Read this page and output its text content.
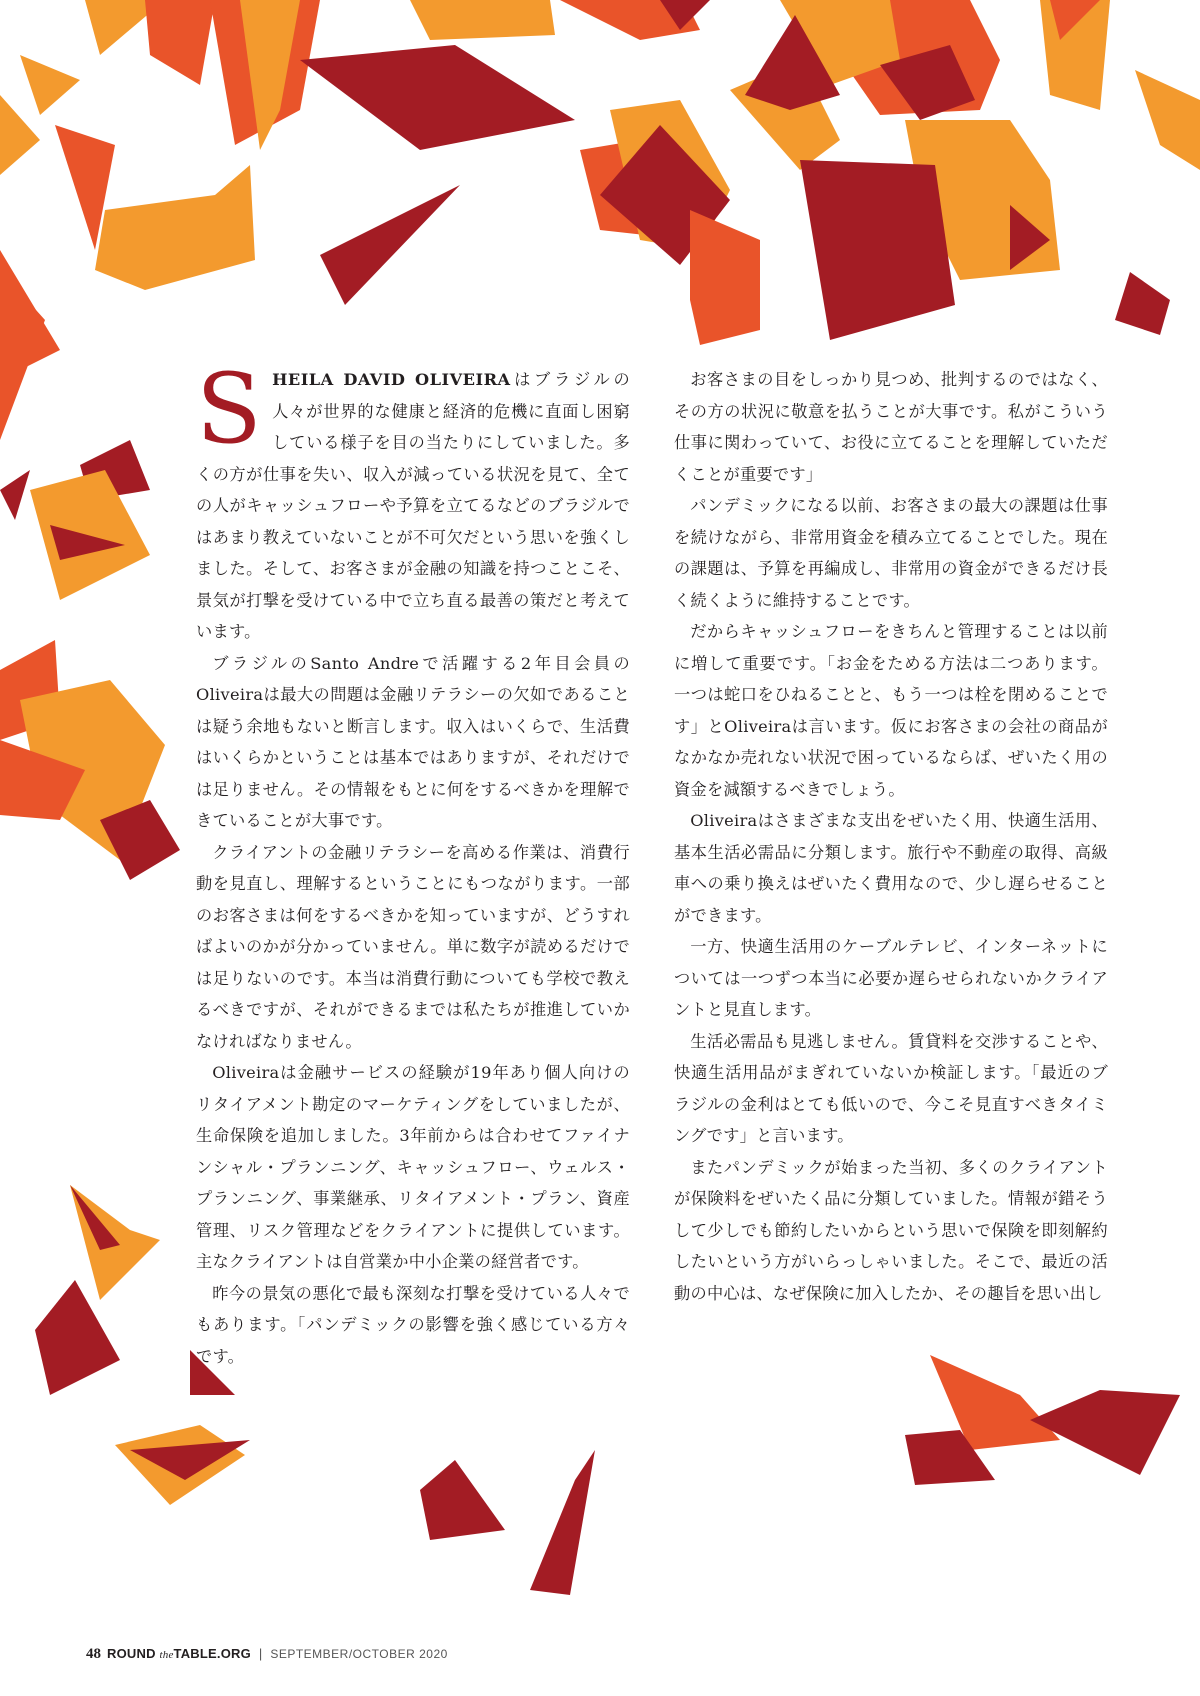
SHEILA DAVID OLIVEIRAはブラジルの人々が世界的な健康と経済的危機に直面し困窮している様子を目の当たりにしていました。多くの方が仕事を失い、収入が減っている状況を見て、全ての人がキャッシュフローや予算を立てるなどのブラジルではあまり教えていないことが不可欠だという思いを強くしました。そして、お客さまが金融の知識を持つことこそ、景気が打撃を受けている中で立ち直る最善の策だと考えています。

ブラジルのSanto Andreで活躍する2年目会員のOliveiraは最大の問題は金融リテラシーの欠如であることは疑う余地もないと断言します。収入はいくらで、生活費はいくらかということは基本ではありますが、それだけでは足りません。その情報をもとに何をするべきかを理解できていることが大事です。

クライアントの金融リテラシーを高める作業は、消費行動を見直し、理解するということにもつながります。一部のお客さまは何をするべきかを知っていますが、どうすればよいのかが分かっていません。単に数字が読めるだけでは足りないのです。本当は消費行動についても学校で教えるべきですが、それができるまでは私たちが推進していかなければなりません。

Oliveiraは金融サービスの経験が19年あり個人向けのリタイアメント勘定のマーケティングをしていましたが、生命保険を追加しました。3年前からは合わせてファイナンシャル・プランニング、キャッシュフロー、ウェルス・プランニング、事業継承、リタイアメント・プラン、資産管理、リスク管理などをクライアントに提供しています。主なクライアントは自営業か中小企業の経営者です。

昨今の景気の悪化で最も深刻な打撃を受けている人々でもあります。「パンデミックの影響を強く感じている方々です。

お客さまの目をしっかり見つめ、批判するのではなく、その方の状況に敬意を払うことが大事です。私がこういう仕事に関わっていて、お役に立てることを理解していただくことが重要です」

パンデミックになる以前、お客さまの最大の課題は仕事を続けながら、非常用資金を積み立てることでした。現在の課題は、予算を再編成し、非常用の資金ができるだけ長く続くように維持することです。

だからキャッシュフローをきちんと管理することは以前に増して重要です。「お金をためる方法は二つあります。一つは蛇口をひねることと、もう一つは栓を閉めることです」とOliveiraは言います。仮にお客さまの会社の商品がなかなか売れない状況で困っているならば、ぜいたく用の資金を減額するべきでしょう。

Oliveiraはさまざまな支出をぜいたく用、快適生活用、基本生活必需品に分類します。旅行や不動産の取得、高級車への乗り換えはぜいたく費用なので、少し遅らせることができます。

一方、快適生活用のケーブルテレビ、インターネットについては一つずつ本当に必要か遅らせられないかクライアントと見直します。

生活必需品も見逃しません。賃貸料を交渉することや、快適生活用品がまぎれていないか検証します。「最近のブラジルの金利はとても低いので、今こそ見直すべきタイミングです」と言います。

またパンデミックが始まった当初、多くのクライアントが保険料をぜいたく品に分類していました。情報が錯そうして少しでも節約したいからという思いで保険を即刻解約したいという方がいらっしゃいました。そこで、最近の活動の中心は、なぜ保険に加入したか、その趣旨を思い出し

48 ROUND theTABLE.ORG | SEPTEMBER/OCTOBER 2020
